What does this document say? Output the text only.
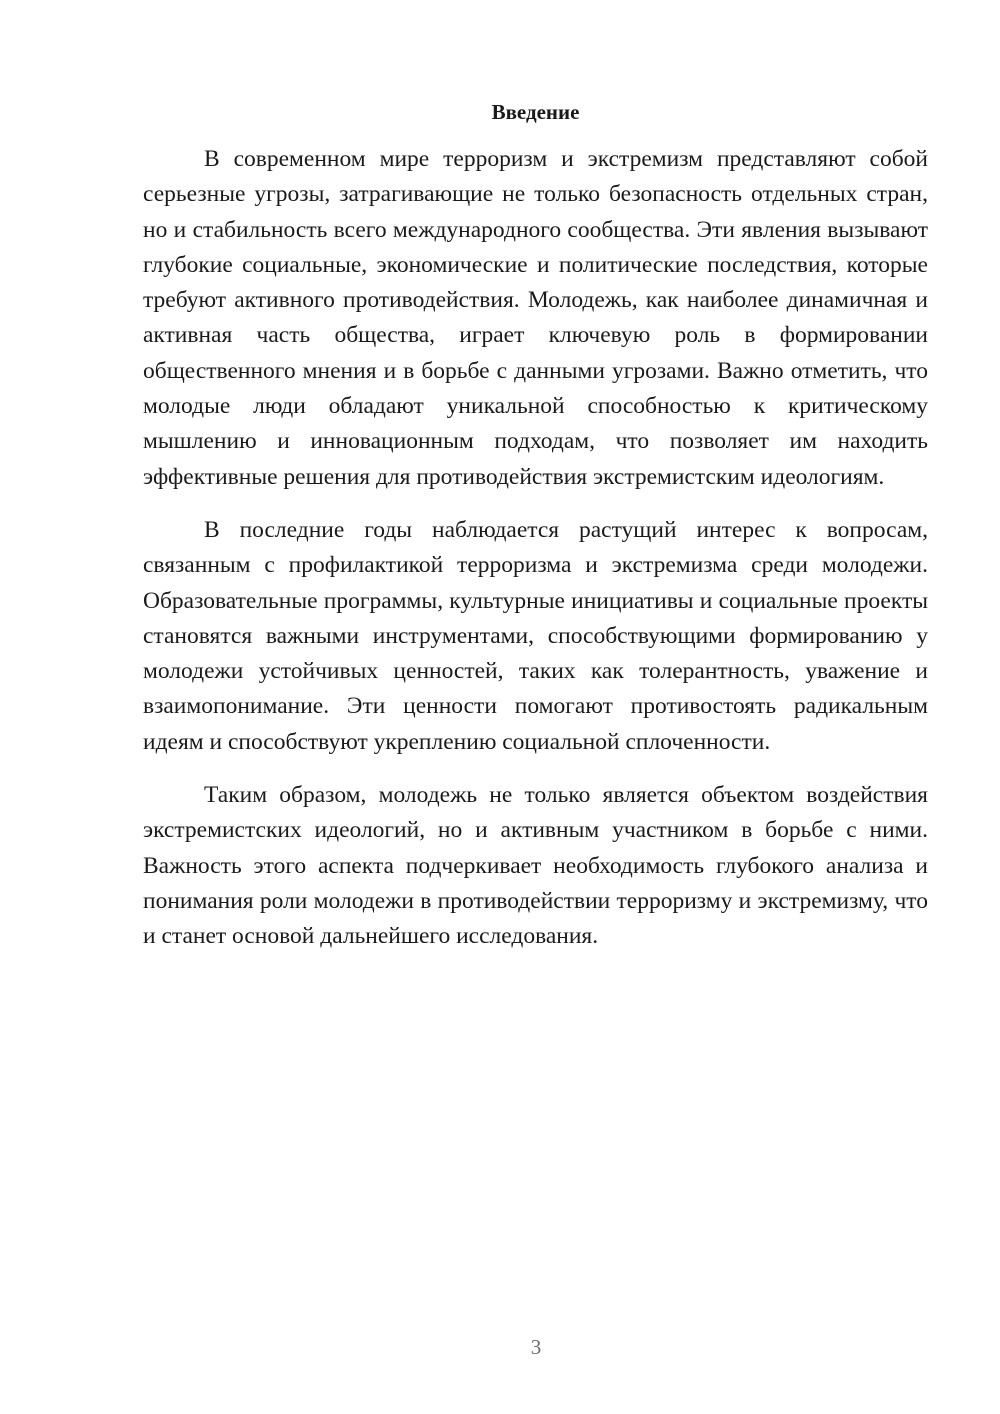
Введение

В современном мире терроризм и экстремизм представляют собой серьезные угрозы, затрагивающие не только безопасность отдельных стран, но и стабильность всего международного сообщества. Эти явления вызывают глубокие социальные, экономические и политические последствия, которые требуют активного противодействия. Молодежь, как наиболее динамичная и активная часть общества, играет ключевую роль в формировании общественного мнения и в борьбе с данными угрозами. Важно отметить, что молодые люди обладают уникальной способностью к критическому мышлению и инновационным подходам, что позволяет им находить эффективные решения для противодействия экстремистским идеологиям.

В последние годы наблюдается растущий интерес к вопросам, связанным с профилактикой терроризма и экстремизма среди молодежи. Образовательные программы, культурные инициативы и социальные проекты становятся важными инструментами, способствующими формированию у молодежи устойчивых ценностей, таких как толерантность, уважение и взаимопонимание. Эти ценности помогают противостоять радикальным идеям и способствуют укреплению социальной сплоченности.

Таким образом, молодежь не только является объектом воздействия экстремистских идеологий, но и активным участником в борьбе с ними. Важность этого аспекта подчеркивает необходимость глубокого анализа и понимания роли молодежи в противодействии терроризму и экстремизму, что и станет основой дальнейшего исследования.

3
